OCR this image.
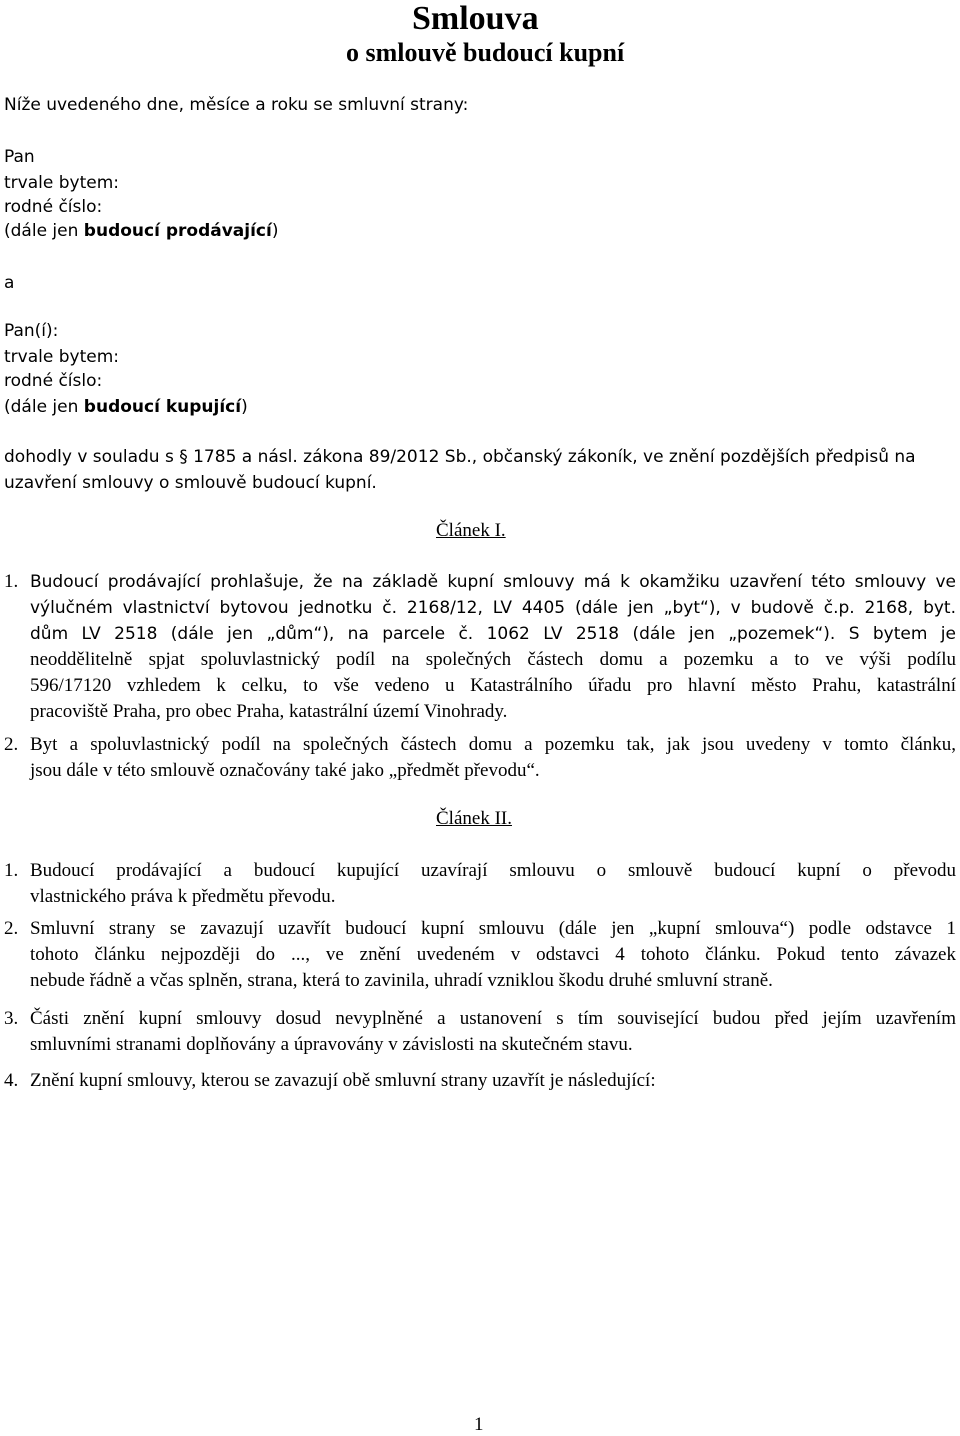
Smlouva
o smlouvě budoucí kupní
Níže uvedeného dne, měsíce a roku se smluvní strany:
Pan
trvale bytem:
rodné číslo:
(dále jen budoucí prodávající)
a
Pan(í):
trvale bytem:
rodné číslo:
(dále jen budoucí kupující)
dohodly v souladu s § 1785 a násl. zákona 89/2012 Sb., občanský zákoník, ve znění pozdějších předpisů na
uzavření smlouvy o smlouvě budoucí kupní.
Článek I.
1. Budoucí prodávající prohlašuje, že na základě kupní smlouvy má k okamžiku uzavření této smlouvy ve
výlučném vlastnictví bytovou jednotku č. 2168/12, LV 4405 (dále jen „byt“), v budově č.p. 2168, byt.
dům LV 2518 (dále jen „dům“), na parcele č. 1062 LV 2518 (dále jen „pozemek“). S bytem je
neoddělitelně spjat spoluvlastnický podíl na společných částech domu a pozemku a to ve výši podílu
596/17120 vzhledem k celku, to vše vedeno u Katastrálního úřadu pro hlavní město Prahu, katastrální
pracoviště Praha, pro obec Praha, katastrální území Vinohrady.
2. Byt a spoluvlastnický podíl na společných částech domu a pozemku tak, jak jsou uvedeny v tomto článku,
jsou dále v této smlouvě označovány také jako „předmět převodu“.
Článek II.
1. Budoucí prodávající a budoucí kupující uzavírají smlouvu o smlouvě budoucí kupní o převodu
vlastnického práva k předmětu převodu.
2. Smluvní strany se zavazují uzavřít budoucí kupní smlouvu (dále jen „kupní smlouva“) podle odstavce 1
tohoto článku nejpozději do ..., ve znění uvedeném v odstavci 4 tohoto článku. Pokud tento závazek
nebude řádně a včas splněn, strana, která to zavinila, uhradí vzniklou škodu druhé smluvní straně.
3. Části znění kupní smlouvy dosud nevyplněné a ustanovení s tím související budou před jejím uzavřením
smluvními stranami doplňovány a úpravovány v závislosti na skutečném stavu.
4. Znění kupní smlouvy, kterou se zavazují obě smluvní strany uzavřít je následující:
1
